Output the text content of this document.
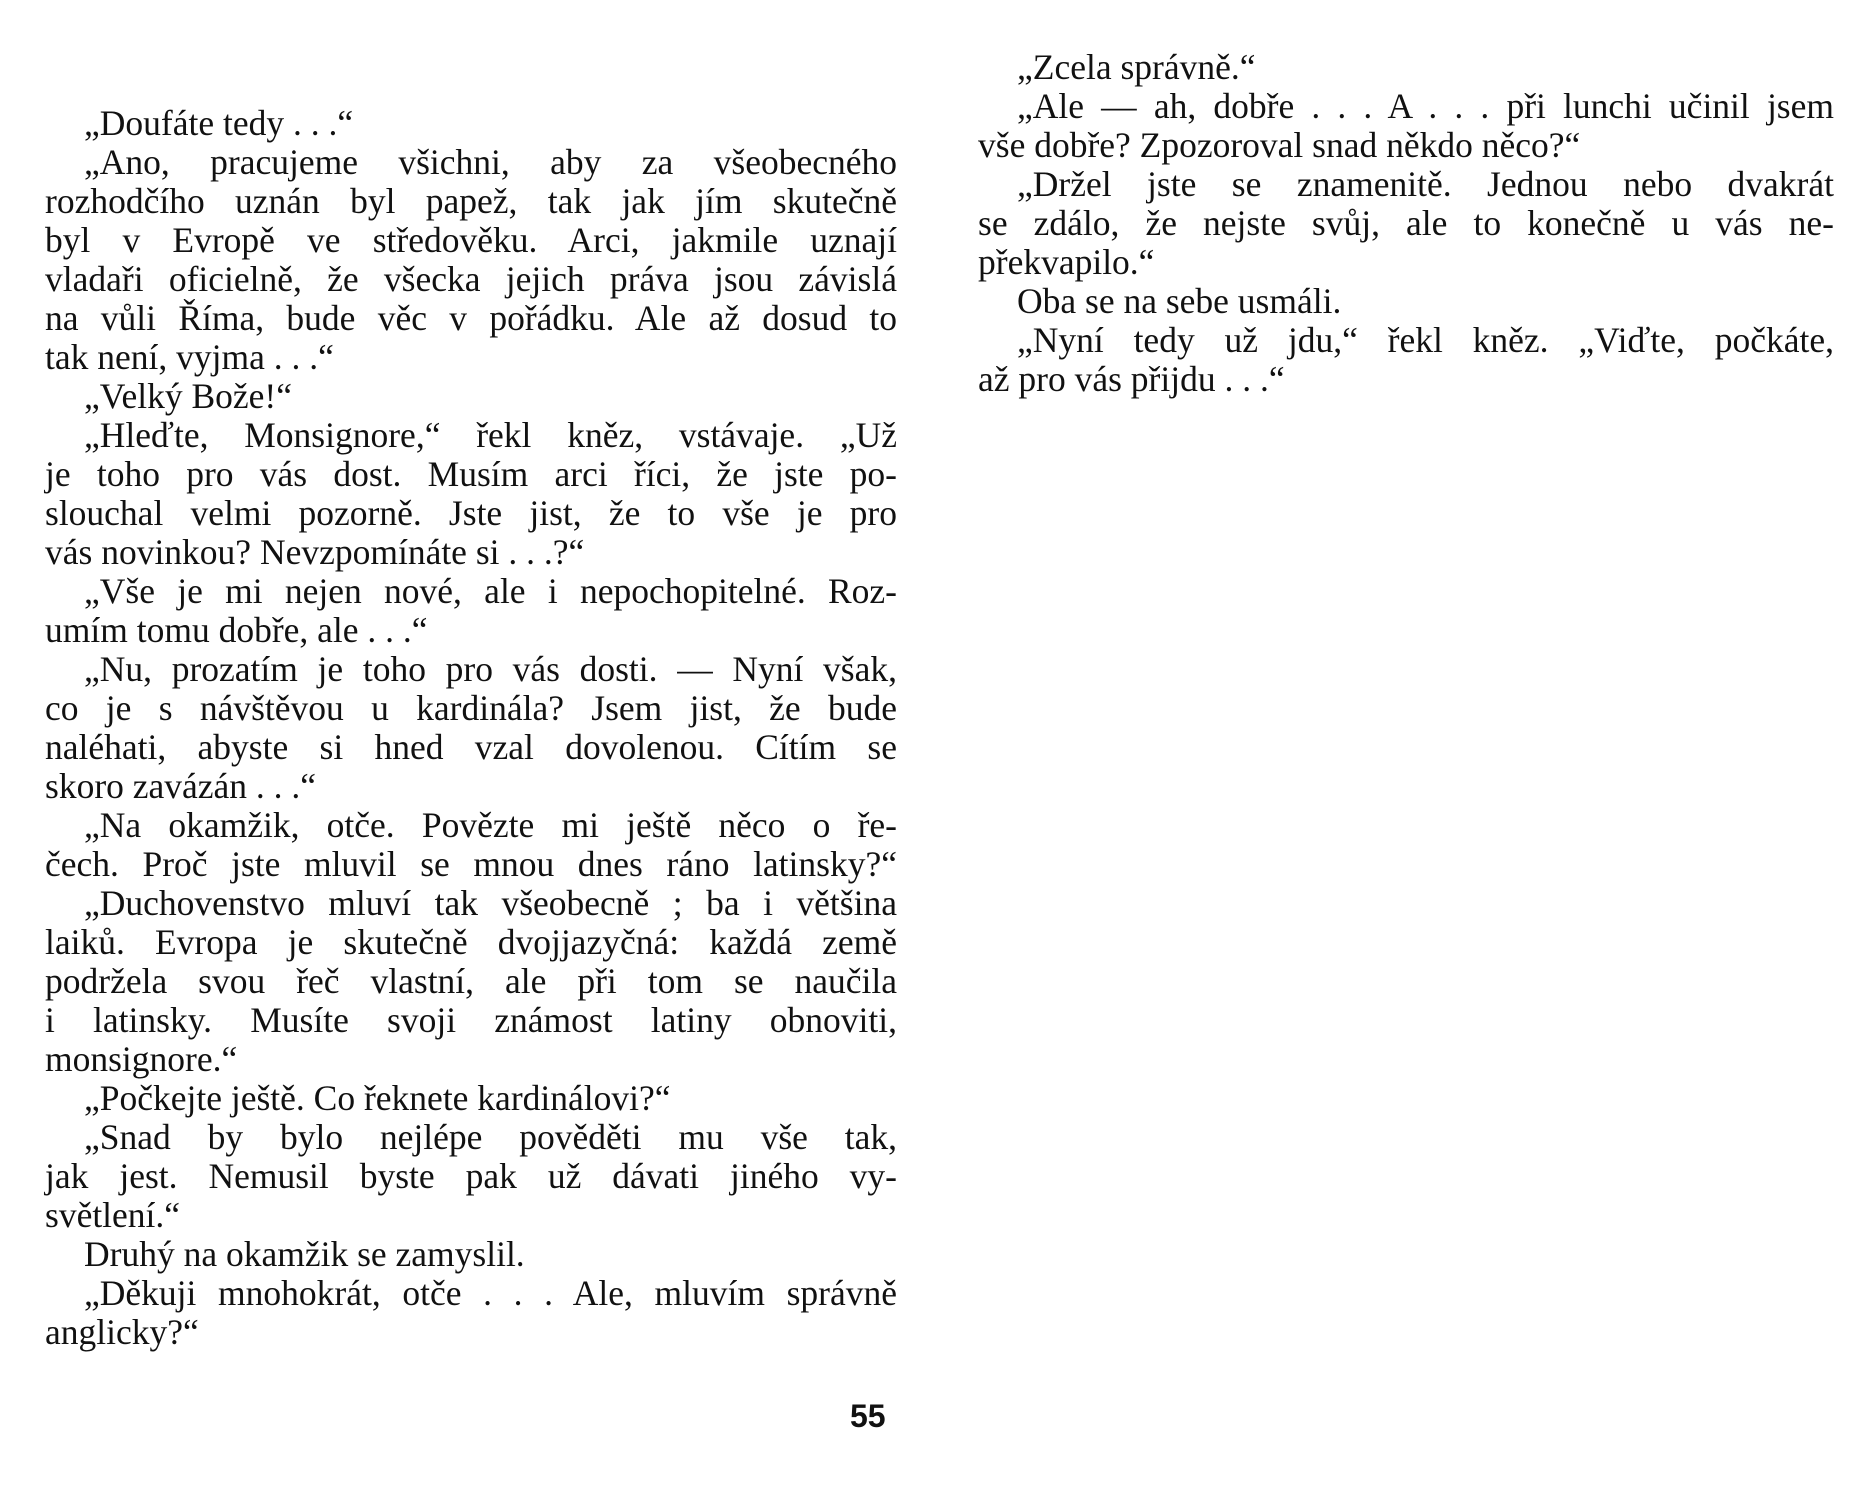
„Doufáte tedy . . .“
„Ano, pracujeme všichni, aby za všeobecného
rozhodčího uznán byl papež, tak jak jím skutečně
byl v Evropě ve středověku. Arci, jakmile uznají
vladaři oficielně, že všecka jejich práva jsou závislá
na vůli Říma, bude věc v pořádku. Ale až dosud to
tak není, vyjma . . .“
„Velký Bože!“
„Hleďte, Monsignore,“ řekl kněz, vstávaje. „Už
je toho pro vás dost. Musím arci říci, že jste po-
slouchal velmi pozorně. Jste jist, že to vše je pro
vás novinkou? Nevzpomínáte si . . .?“
„Vše je mi nejen nové, ale i nepochopitelné. Roz-
umím tomu dobře, ale . . .“
„Nu, prozatím je toho pro vás dosti. — Nyní však,
co je s návštěvou u kardinála? Jsem jist, že bude
naléhati, abyste si hned vzal dovolenou. Cítím se
skoro zavázán . . .“
„Na okamžik, otče. Povězte mi ještě něco o ře-
čech. Proč jste mluvil se mnou dnes ráno latinsky?“
„Duchovenstvo mluví tak všeobecně ; ba i většina
laiků. Evropa je skutečně dvojjazyčná: každá země
podržela svou řeč vlastní, ale při tom se naučila
i latinsky. Musíte svoji známost latiny obnoviti,
monsignore.“
„Počkejte ještě. Co řeknete kardinálovi?“
„Snad by bylo nejlépe pověděti mu vše tak,
jak jest. Nemusil byste pak už dávati jiného vy-
světlení.“
Druhý na okamžik se zamyslil.
„Děkuji mnohokrát, otče . . . Ale, mluvím správně
anglicky?“
„Zcela správně.“
„Ale — ah, dobře . . . A . . . při lunchi učinil jsem
vše dobře? Zpozoroval snad někdo něco?“
„Držel jste se znamenitě. Jednou nebo dvakrát
se zdálo, že nejste svůj, ale to konečně u vás ne-
překvapilo.“
Oba se na sebe usmáli.
„Nyní tedy už jdu,“ řekl kněz. „Viďte, počkáte,
až pro vás přijdu . . .“
55
